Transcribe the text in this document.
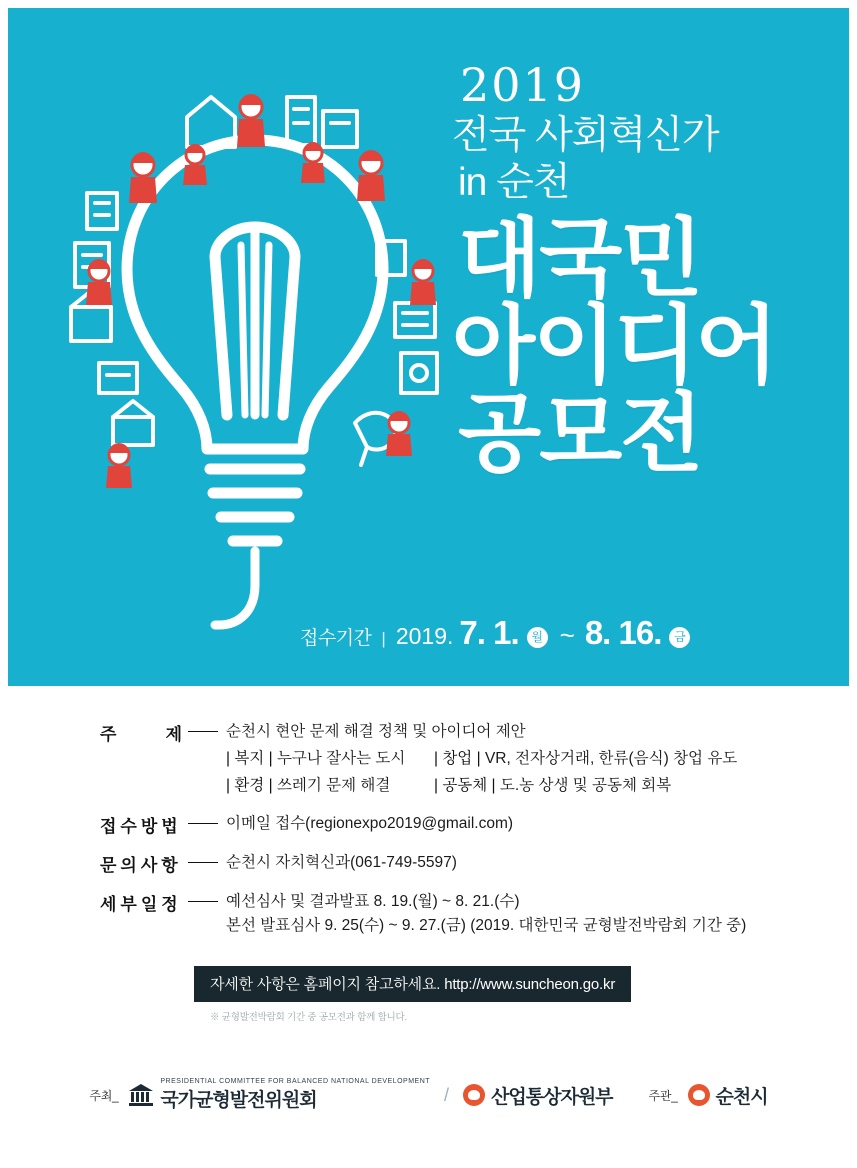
2019
전국 사회혁신가
in 순천
대국민
아이디어
공모전
접수기간 | 2019. 7. 1.	월 ~ 8. 16.	금
주	제	순천시 현안 문제 해결 정책 및 아이디어 제안
| 복지 | 누구나 잘사는 도시	| 창업 | VR, 전자상거래, 한류(음식) 창업 유도
| 환경 | 쓰레기 문제 해결	| 공동체 | 도.농 상생 및 공동체 회복
접수방법	이메일 접수(regionexpo2019@gmail.com)
문의사항	순천시 자치혁신과(061-749-5597)
세부일정	예선심사 및 결과발표 8. 19.(월) ~ 8. 21.(수)
본선 발표심사 9. 25(수) ~ 9. 27.(금) (2019. 대한민국 균형발전박람회 기간 중)
자세한 사항은 홈페이지 참고하세요. http://www.suncheon.go.kr
※ 균형발전박람회 기간 중 공모전과 함께 합니다.
주최_
PRESIDENTIAL COMMITTEE FOR BALANCED NATIONAL DEVELOPMENT
국가균형발전위원회	/ 산업통상자원부	주관_ 순천시
